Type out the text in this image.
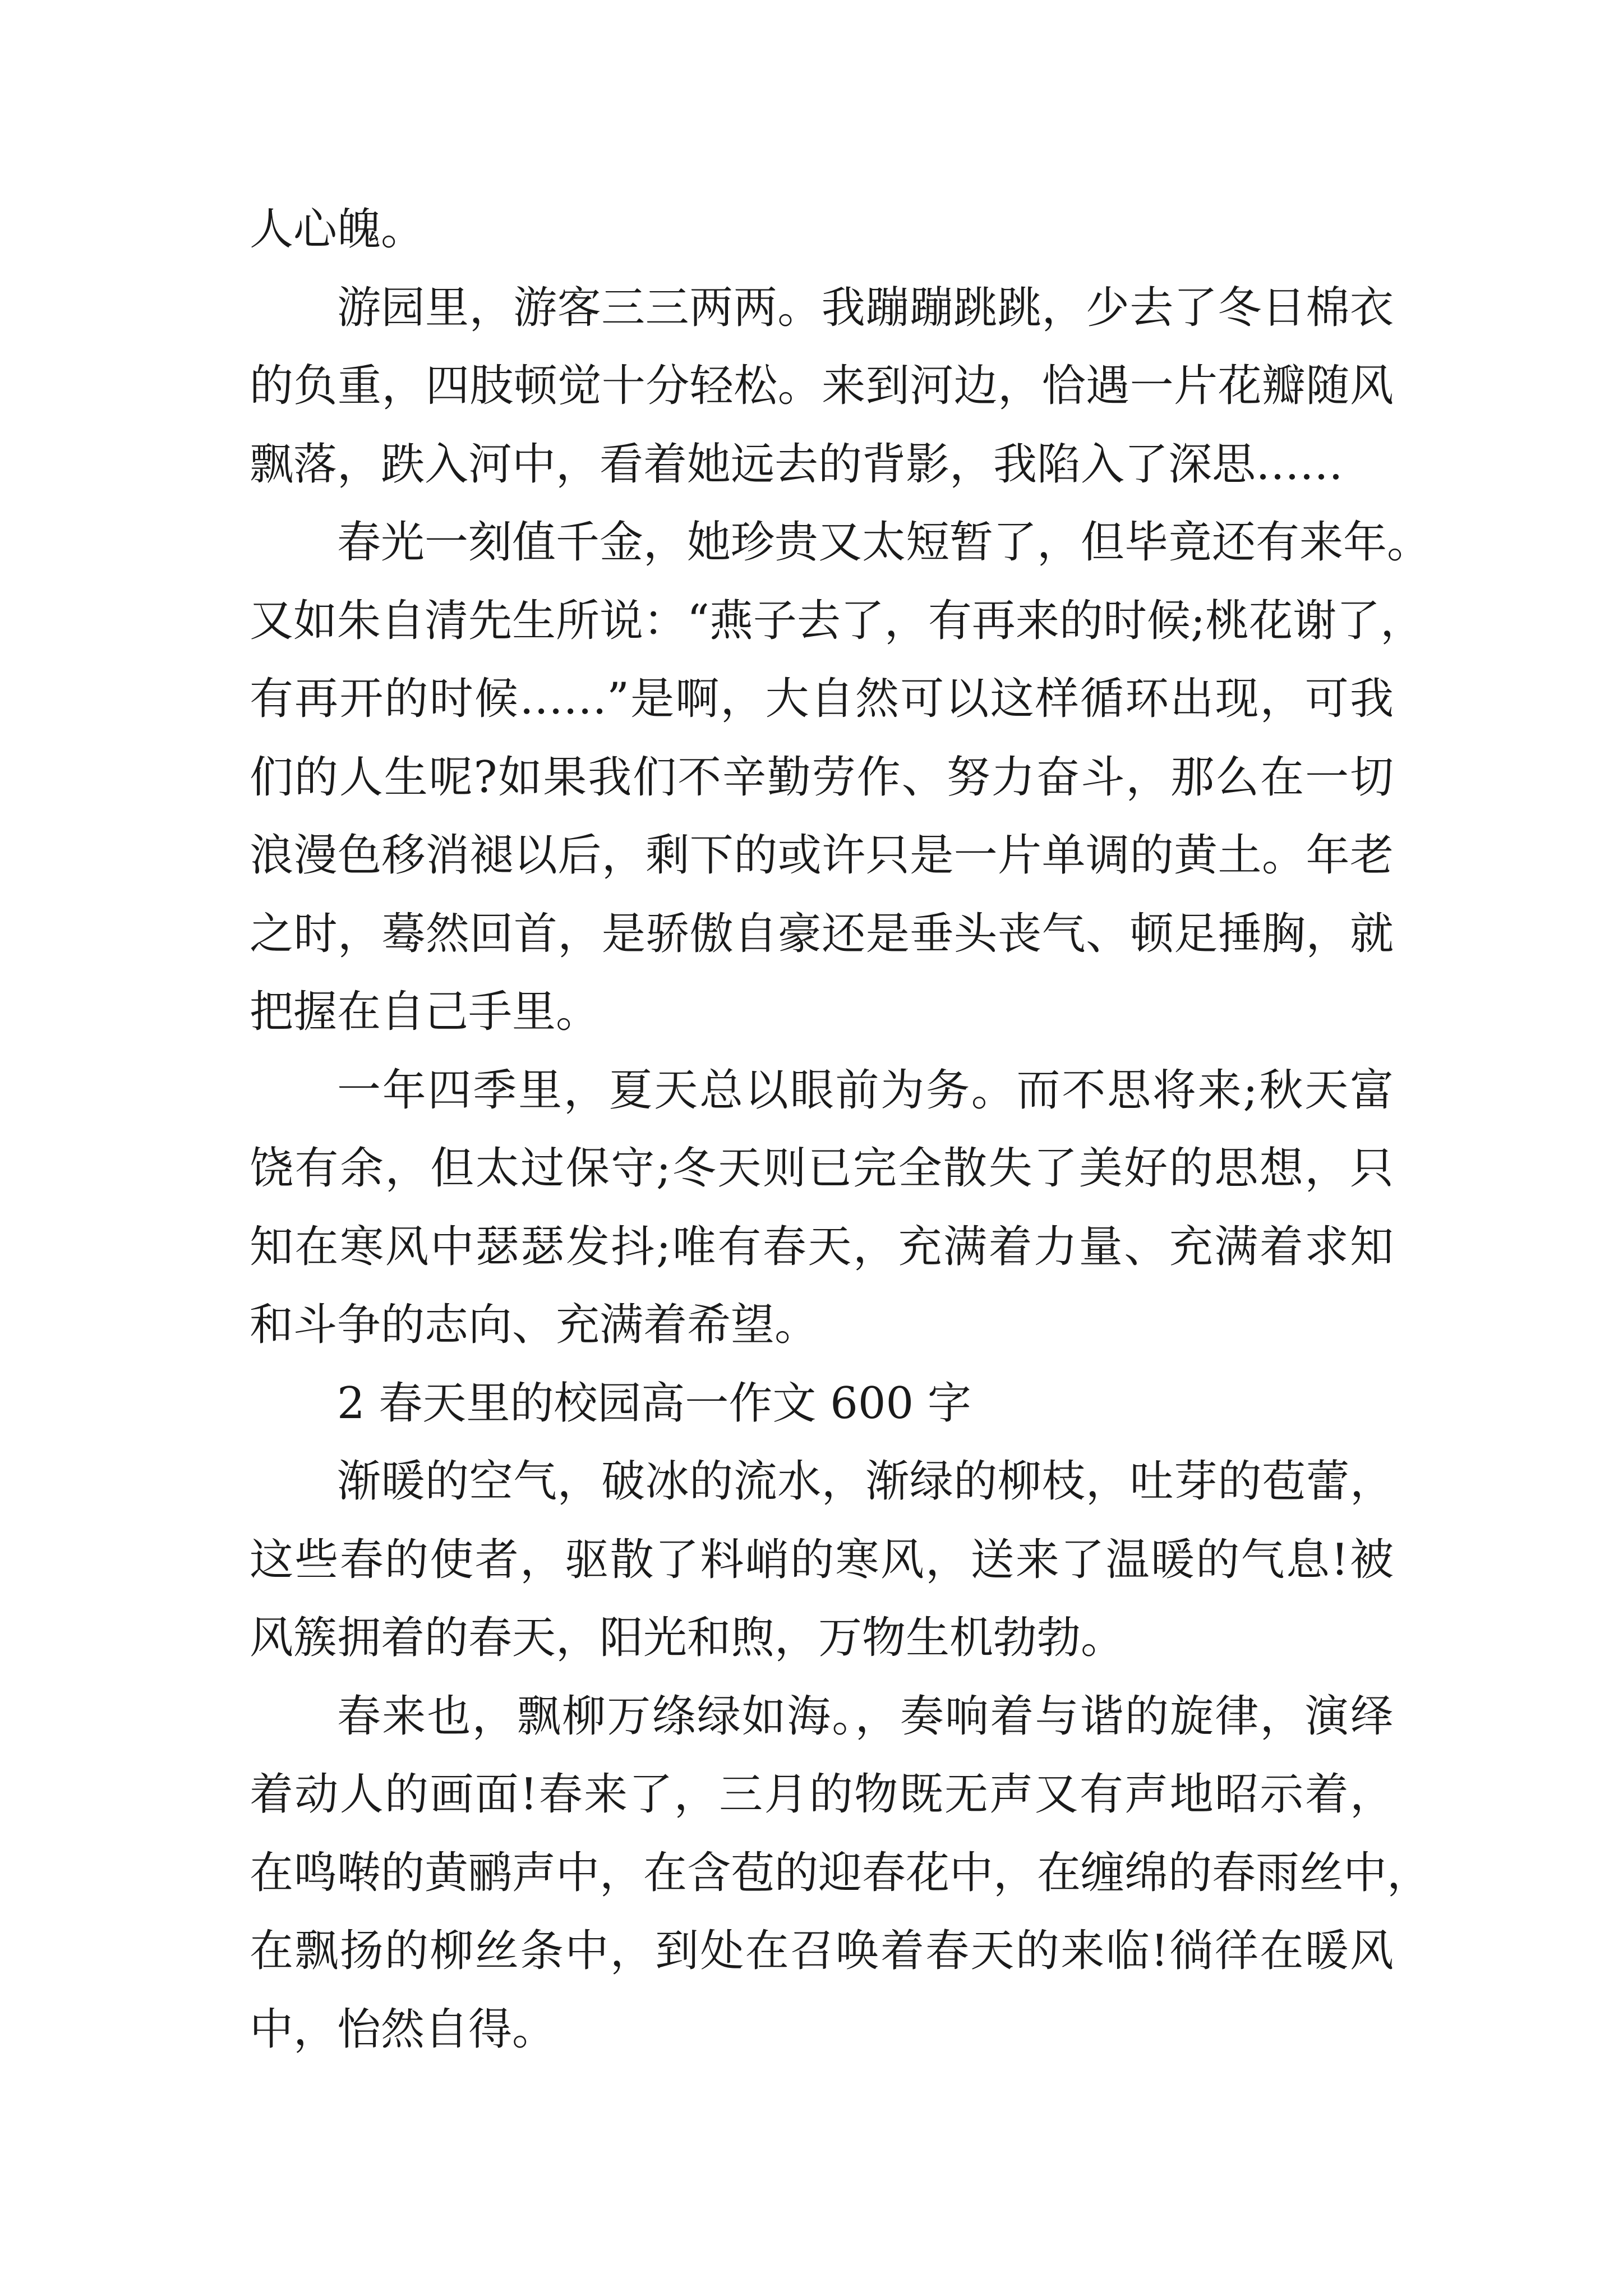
人心魄。
游园里，游客三三两两。我蹦蹦跳跳，少去了冬日棉衣
的负重，四肢顿觉十分轻松。来到河边，恰遇一片花瓣随风
飘落，跌入河中，看着她远去的背影，我陷入了深思……
春光一刻值千金，她珍贵又太短暂了，但毕竟还有来年。
又如朱自清先生所说：“燕子去了，有再来的时候;桃花谢了，
有再开的时候……”是啊，大自然可以这样循环出现，可我
们的人生呢?如果我们不辛勤劳作、努力奋斗，那么在一切
浪漫色移消褪以后，剩下的或许只是一片单调的黄土。年老
之时，蓦然回首，是骄傲自豪还是垂头丧气、顿足捶胸，就
把握在自己手里。
一年四季里，夏天总以眼前为务。而不思将来;秋天富
饶有余，但太过保守;冬天则已完全散失了美好的思想，只
知在寒风中瑟瑟发抖;唯有春天，充满着力量、充满着求知
和斗争的志向、充满着希望。
2 春天里的校园高一作文 600 字
渐暖的空气，破冰的流水，渐绿的柳枝，吐芽的苞蕾，
这些春的使者，驱散了料峭的寒风，送来了温暖的气息!被
风簇拥着的春天，阳光和煦，万物生机勃勃。
春来也，飘柳万绦绿如海。，奏响着与谐的旋律，演绎
着动人的画面!春来了，三月的物既无声又有声地昭示着，
在鸣啭的黄鹂声中，在含苞的迎春花中，在缠绵的春雨丝中，
在飘扬的柳丝条中，到处在召唤着春天的来临!徜徉在暖风
中，怡然自得。
